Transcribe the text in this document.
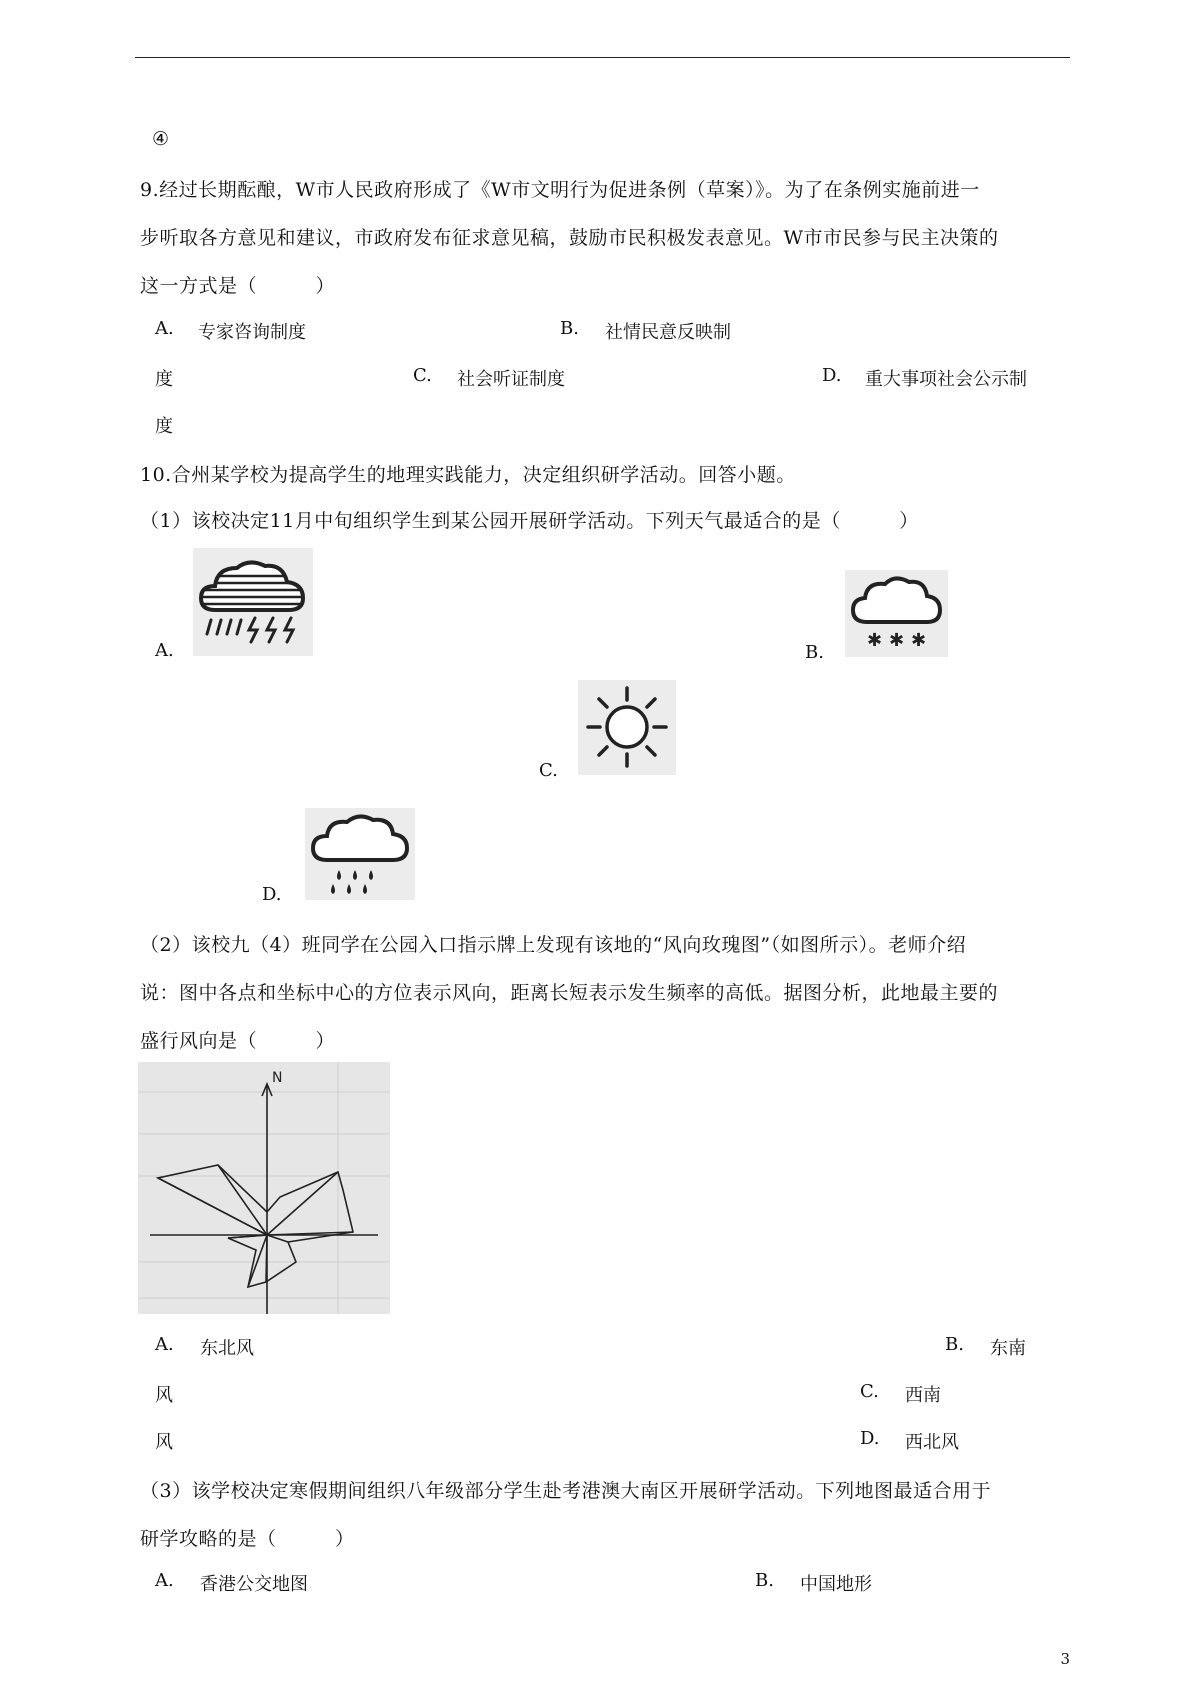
④
9.经过长期酝酿，W市人民政府形成了《W市文明行为促进条例（草案）》。为了在条例实施前进一
步听取各方意见和建议，市政府发布征求意见稿，鼓励市民积极发表意见。W市市民参与民主决策的
这一方式是（　　　）
A. 专家咨询制度	B. 社情民意反映制
度	C. 社会听证制度	D. 重大事项社会公示制
度
10.合州某学校为提高学生的地理实践能力，决定组织研学活动。回答小题。
（1）该校决定11月中旬组织学生到某公园开展研学活动。下列天气最适合的是（　　　）
A.	B.
✱ ✱ ✱
C.
D.
（2）该校九（4）班同学在公园入口指示牌上发现有该地的“风向玫瑰图”（如图所示）。老师介绍
说：图中各点和坐标中心的方位表示风向，距离长短表示发生频率的高低。据图分析，此地最主要的
盛行风向是（　　　）
N
A. 东北风	B. 东南
风	C. 西南
风	D. 西北风
（3）该学校决定寒假期间组织八年级部分学生赴考港澳大南区开展研学活动。下列地图最适合用于
研学攻略的是（　　　）
A. 香港公交地图	B. 中国地形
3
